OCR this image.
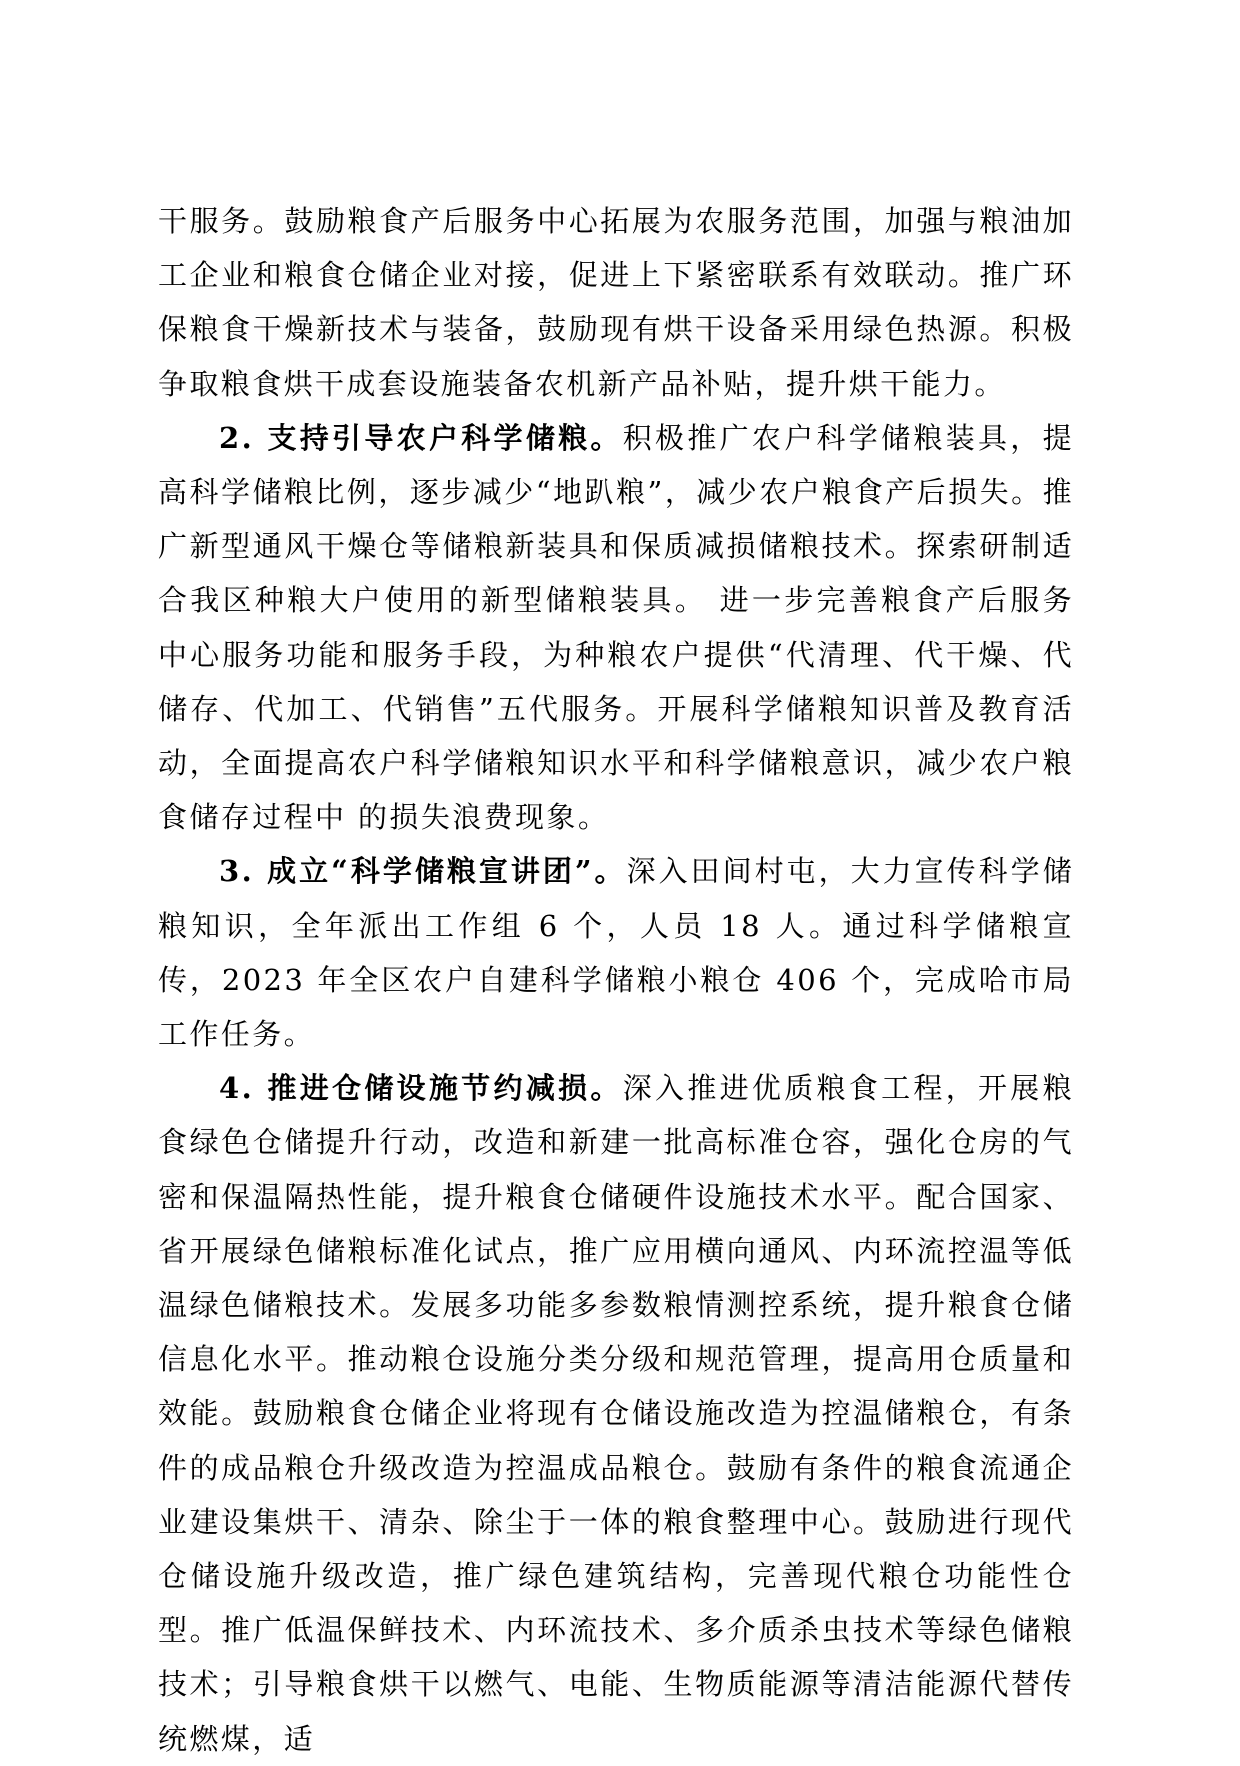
干服务。鼓励粮食产后服务中心拓展为农服务范围，加强与粮油加工企业和粮食仓储企业对接，促进上下紧密联系有效联动。推广环保粮食干燥新技术与装备，鼓励现有烘干设备采用绿色热源。积极争取粮食烘干成套设施装备农机新产品补贴，提升烘干能力。

2. 支持引导农户科学储粮。积极推广农户科学储粮装具，提高科学储粮比例，逐步减少“地趴粮”，减少农户粮食产后损失。推广新型通风干燥仓等储粮新装具和保质减损储粮技术。探索研制适合我区种粮大户使用的新型储粮装具。 进一步完善粮食产后服务中心服务功能和服务手段，为种粮农户提供“代清理、代干燥、代储存、代加工、代销售”五代服务。开展科学储粮知识普及教育活动，全面提高农户科学储粮知识水平和科学储粮意识，减少农户粮食储存过程中 的损失浪费现象。

3. 成立“科学储粮宣讲团”。深入田间村屯，大力宣传科学储粮知识，全年派出工作组 6 个，人员 18 人。通过科学储粮宣传，2023 年全区农户自建科学储粮小粮仓 406 个，完成哈市局工作任务。

4. 推进仓储设施节约减损。深入推进优质粮食工程，开展粮食绿色仓储提升行动，改造和新建一批高标准仓容，强化仓房的气密和保温隔热性能，提升粮食仓储硬件设施技术水平。配合国家、省开展绿色储粮标准化试点，推广应用横向通风、内环流控温等低温绿色储粮技术。发展多功能多参数粮情测控系统，提升粮食仓储信息化水平。推动粮仓设施分类分级和规范管理，提高用仓质量和效能。鼓励粮食仓储企业将现有仓储设施改造为控温储粮仓，有条件的成品粮仓升级改造为控温成品粮仓。鼓励有条件的粮食流通企业建设集烘干、清杂、除尘于一体的粮食整理中心。鼓励进行现代仓储设施升级改造，推广绿色建筑结构，完善现代粮仓功能性仓型。推广低温保鲜技术、内环流技术、多介质杀虫技术等绿色储粮技术；引导粮食烘干以燃气、电能、生物质能源等清洁能源代替传统燃煤，适
